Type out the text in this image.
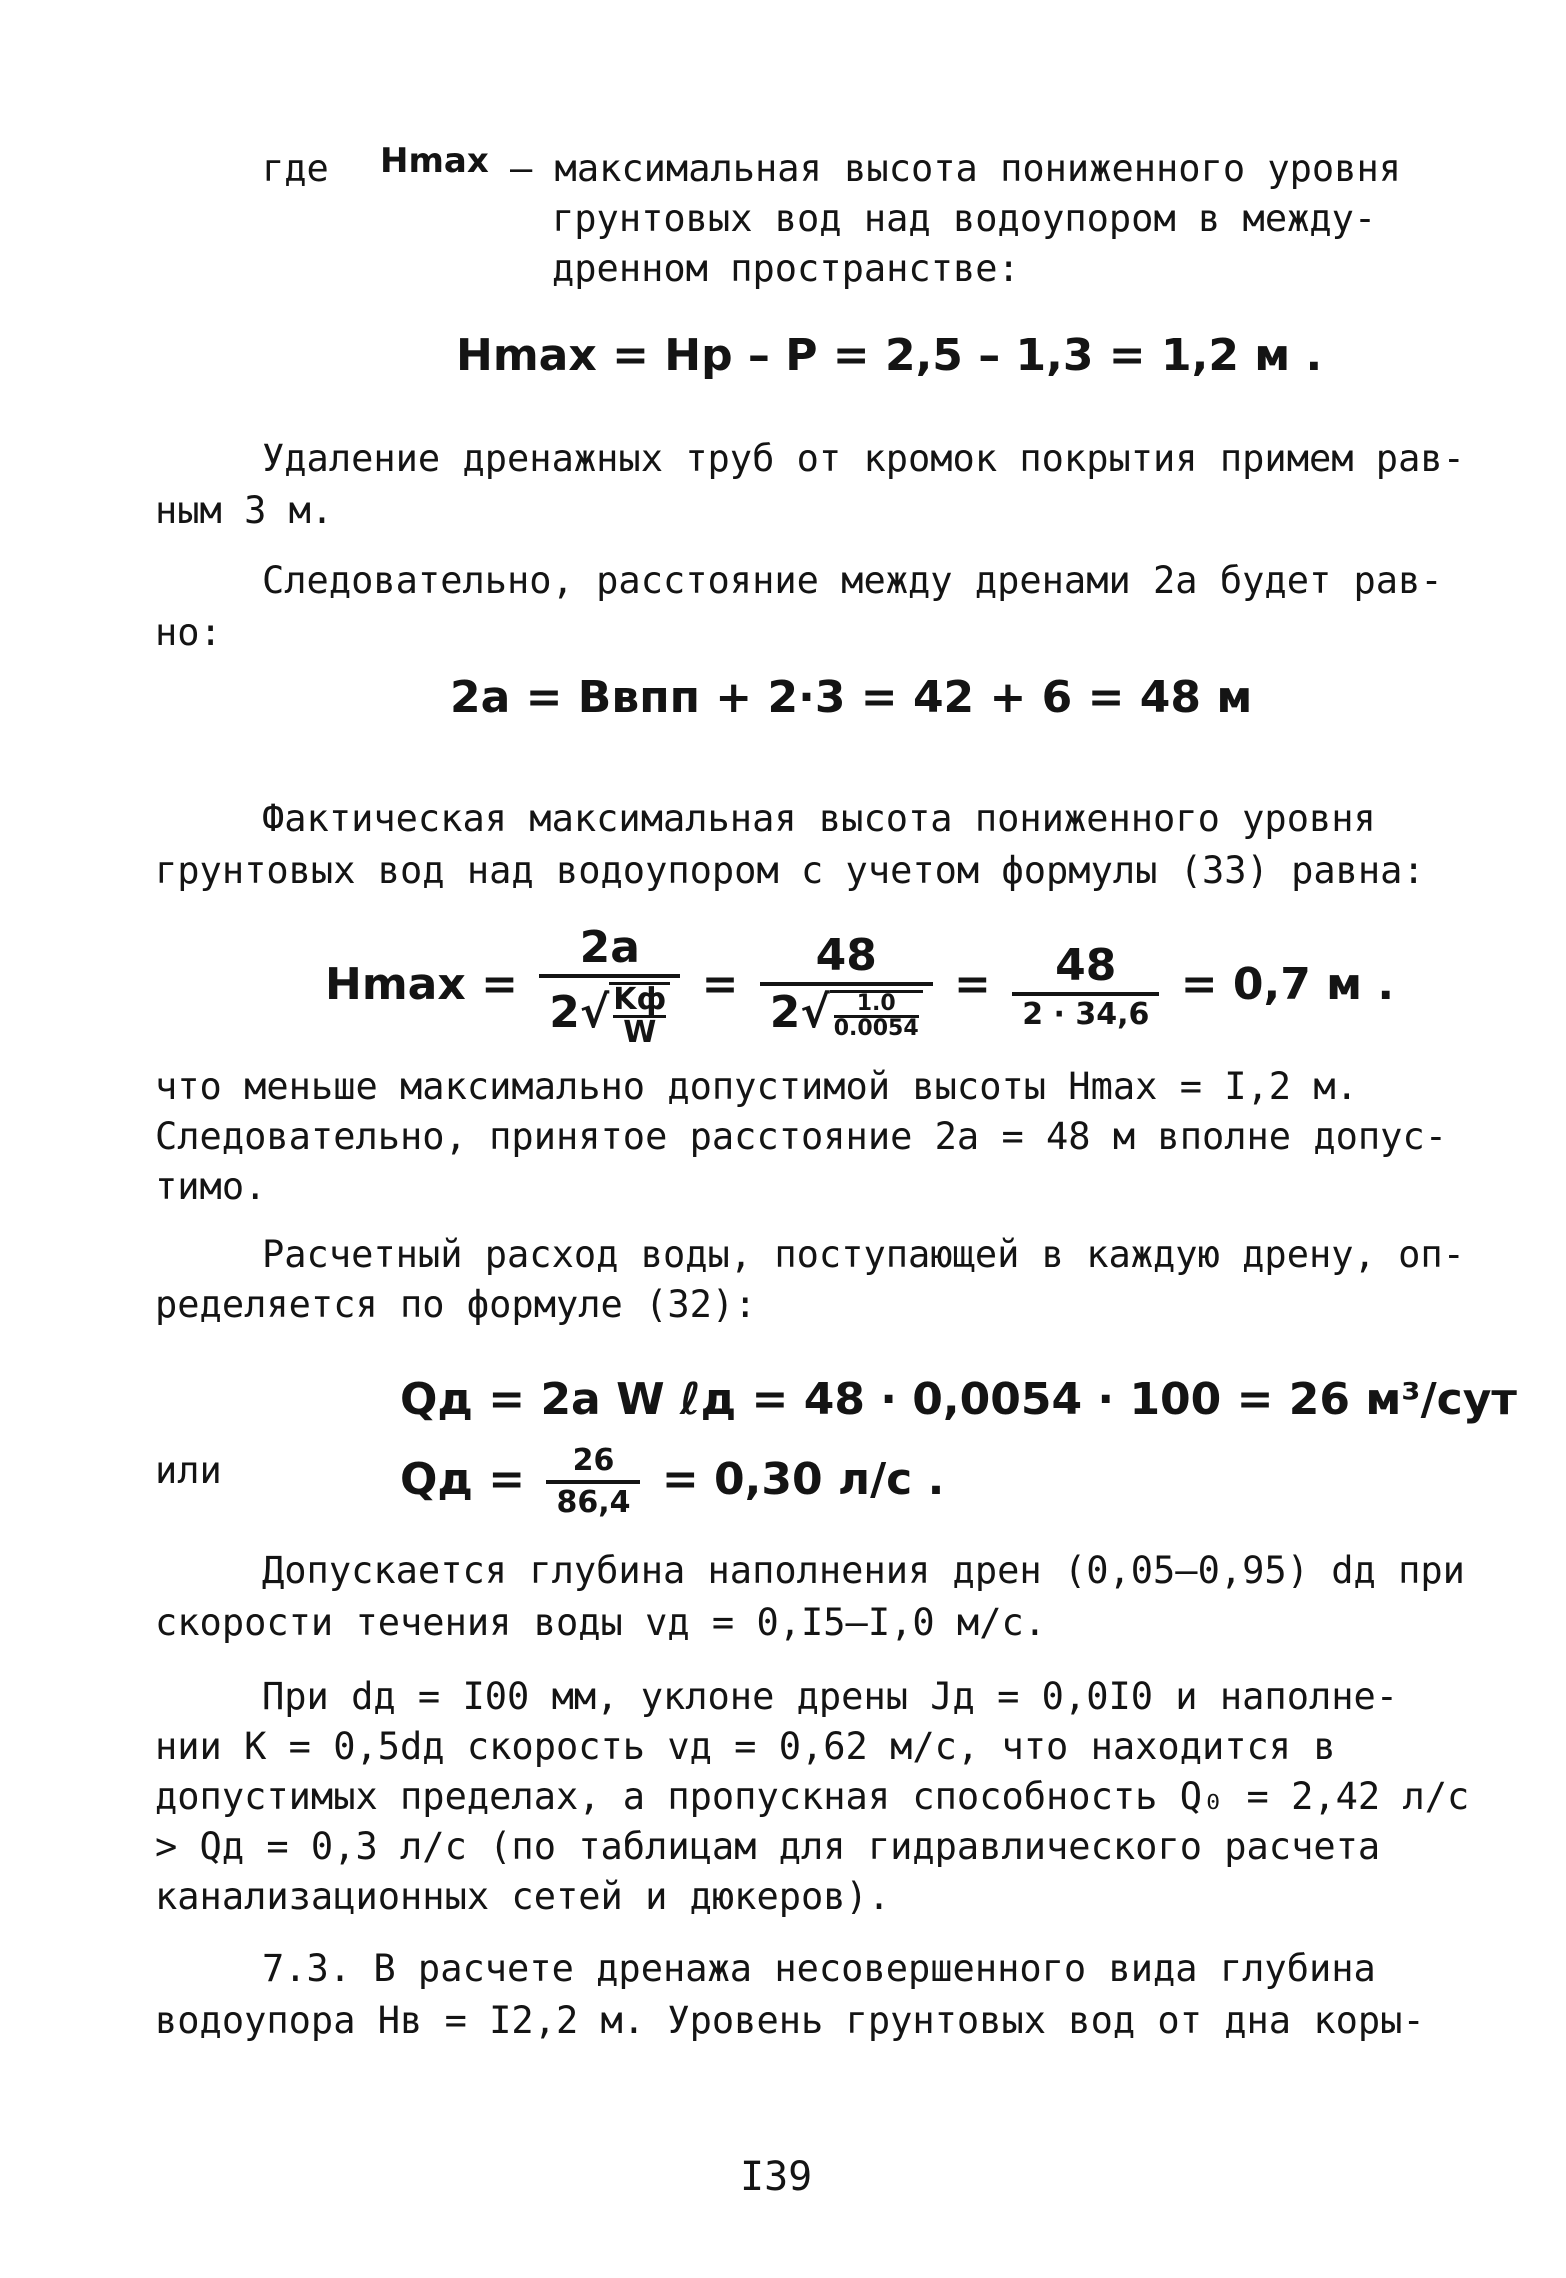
где Hmax – максимальная высота пониженного уровня
грунтовых вод над водоупором в между-
дренном пространстве:
Hmax = Hр – P = 2,5 – 1,3 = 1,2 м .
Удаление дренажных труб от кромок покрытия примем рав-
ным 3 м.
Следовательно, расстояние между дренами 2а будет рав-
но:
2а = Bвпп + 2·3 = 42 + 6 = 48 м
Фактическая максимальная высота пониженного уровня
грунтовых вод над водоупором с учетом формулы (33) равна:
Hmax = 2а
2√ Kф
$W = \frac{48}{2√ \frac{1.0}{0.0054}} = \frac{48}{2 \cdot 34,6} = 0,7$ м .
что меньше максимально допустимой высоты Hmax = I,2 м.
Следовательно, принятое расстояние 2а = 48 м вполне допус-
тимо.
Расчетный расход воды, поступающей в каждую дрену, оп-
ределяется по формуле (32):
Qд = 2а W ℓд = 48 · 0,0054 · 100 = 26 м³/сут
или	Qд = $\frac{26}{86,4} = 0,30$ л/с .
Допускается глубина наполнения дрен (0,05–0,95) dд при
скорости течения воды vд = 0,I5–I,0 м/с.
При dд = I00 мм, уклоне дрены Jд = 0,0I0 и наполне-
нии K = 0,5dд скорость vд = 0,62 м/с, что находится в
допустимых пределах, а пропускная способность Q₀ = 2,42 л/с
> Qд = 0,3 л/с (по таблицам для гидравлического расчета
канализационных сетей и дюкеров).
7.3. В расчете дренажа несовершенного вида глубина
водоупора Hв = I2,2 м. Уровень грунтовых вод от дна коры-
I39
